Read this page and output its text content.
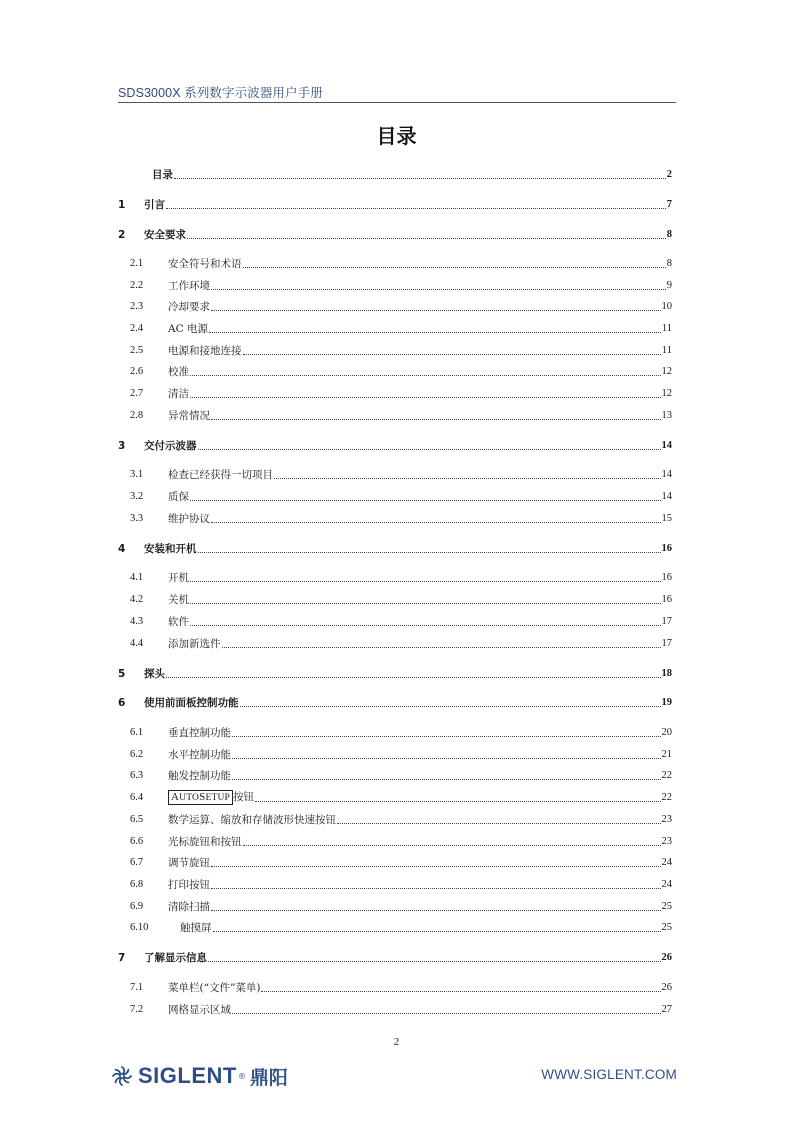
SDS3000X 系列数字示波器用户手册
目录
目录	2
1	引言	7
2	安全要求	8
2.1	安全符号和术语	8
2.2	工作环境	9
2.3	冷却要求	10
2.4	AC 电源	11
2.5	电源和接地连接	11
2.6	校准	12
2.7	清洁	12
2.8	异常情况	13
3	交付示波器	14
3.1	检查已经获得一切项目	14
3.2	质保	14
3.3	维护协议	15
4	安装和开机	16
4.1	开机	16
4.2	关机	16
4.3	软件	17
4.4	添加新选件	17
5	探头	18
6	使用前面板控制功能	19
6.1	垂直控制功能	20
6.2	水平控制功能	21
6.3	触发控制功能	22
6.4	AUTOSETUP 按钮	22
6.5	数学运算、缩放和存储波形快速按钮	23
6.6	光标旋钮和按钮	23
6.7	调节旋钮	24
6.8	打印按钮	24
6.9	清除扫描	25
6.10	触摸屏	25
7	了解显示信息	26
7.1	菜单栏(“文件”菜单)	26
7.2	网格显示区域	27
2
SIGLENT ® 鼎阳	WWW.SIGLENT.COM
